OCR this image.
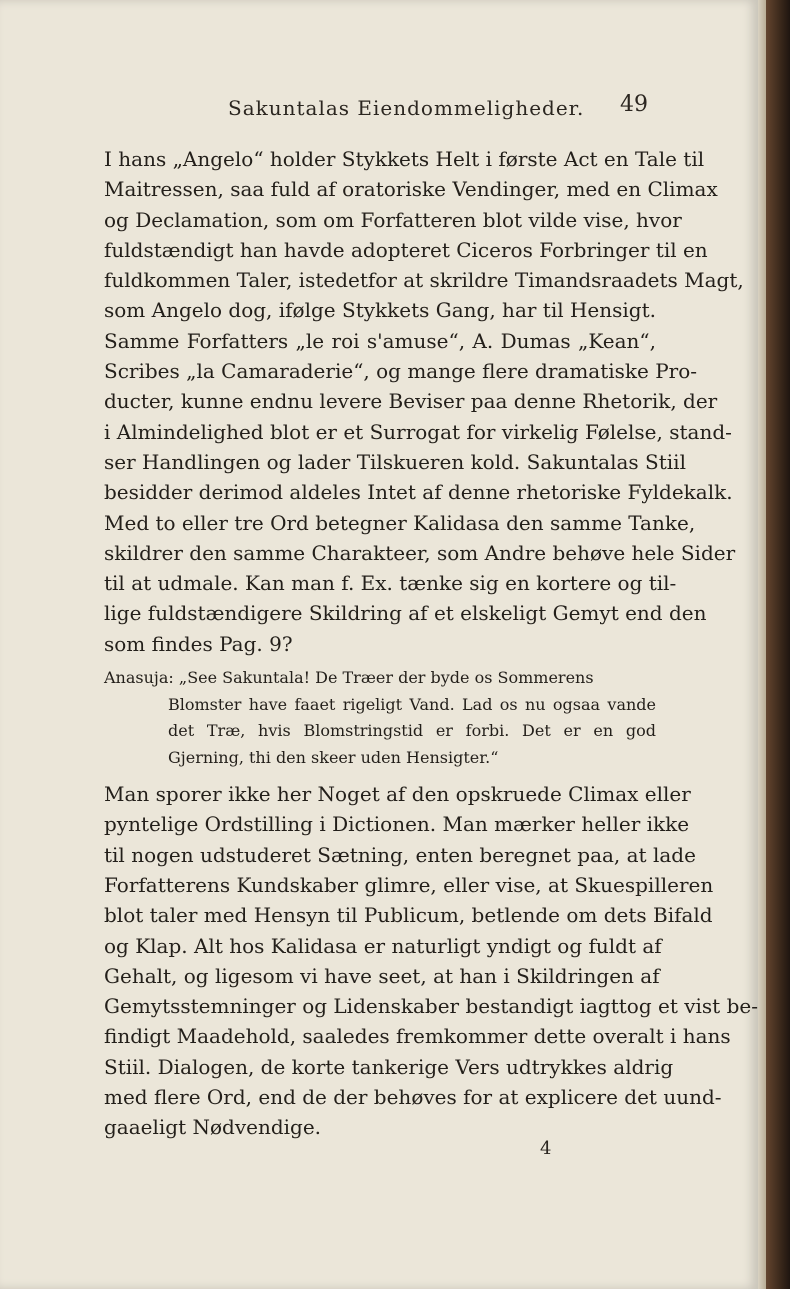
Sakuntalas Eiendommeligheder. 49
I hans „Angelo“ holder Stykkets Helt i første Act en Tale til
Maitressen, saa fuld af oratoriske Vendinger, med en Climax
og Declamation, som om Forfatteren blot vilde vise, hvor
fuldstændigt han havde adopteret Ciceros Forbringer til en
fuldkommen Taler, istedetfor at skrildre Timandsraadets Magt,
som Angelo dog, ifølge Stykkets Gang, har til Hensigt.
Samme Forfatters „le roi s'amuse“, A. Dumas „Kean“,
Scribes „la Camaraderie“, og mange flere dramatiske Pro-
ducter, kunne endnu levere Beviser paa denne Rhetorik, der
i Almindelighed blot er et Surrogat for virkelig Følelse, stand-
ser Handlingen og lader Tilskueren kold. Sakuntalas Stiil
besidder derimod aldeles Intet af denne rhetoriske Fyldekalk.
Med to eller tre Ord betegner Kalidasa den samme Tanke,
skildrer den samme Charakteer, som Andre behøve hele Sider
til at udmale. Kan man f. Ex. tænke sig en kortere og til-
lige fuldstændigere Skildring af et elskeligt Gemyt end den
som findes Pag. 9?
Anasuja: „See Sakuntala! De Træer der byde os Sommerens
Blomster have faaet rigeligt Vand. Lad os nu ogsaa vande
det Træ, hvis Blomstringstid er forbi. Det er en god
Gjerning, thi den skeer uden Hensigter.“
Man sporer ikke her Noget af den opskruede Climax eller
pyntelige Ordstilling i Dictionen. Man mærker heller ikke
til nogen udstuderet Sætning, enten beregnet paa, at lade
Forfatterens Kundskaber glimre, eller vise, at Skuespilleren
blot taler med Hensyn til Publicum, betlende om dets Bifald
og Klap. Alt hos Kalidasa er naturligt yndigt og fuldt af
Gehalt, og ligesom vi have seet, at han i Skildringen af
Gemytsstemninger og Lidenskaber bestandigt iagttog et vist be-
findigt Maadehold, saaledes fremkommer dette overalt i hans
Stiil. Dialogen, de korte tankerige Vers udtrykkes aldrig
med flere Ord, end de der behøves for at explicere det uund-
gaaeligt Nødvendige.
4
